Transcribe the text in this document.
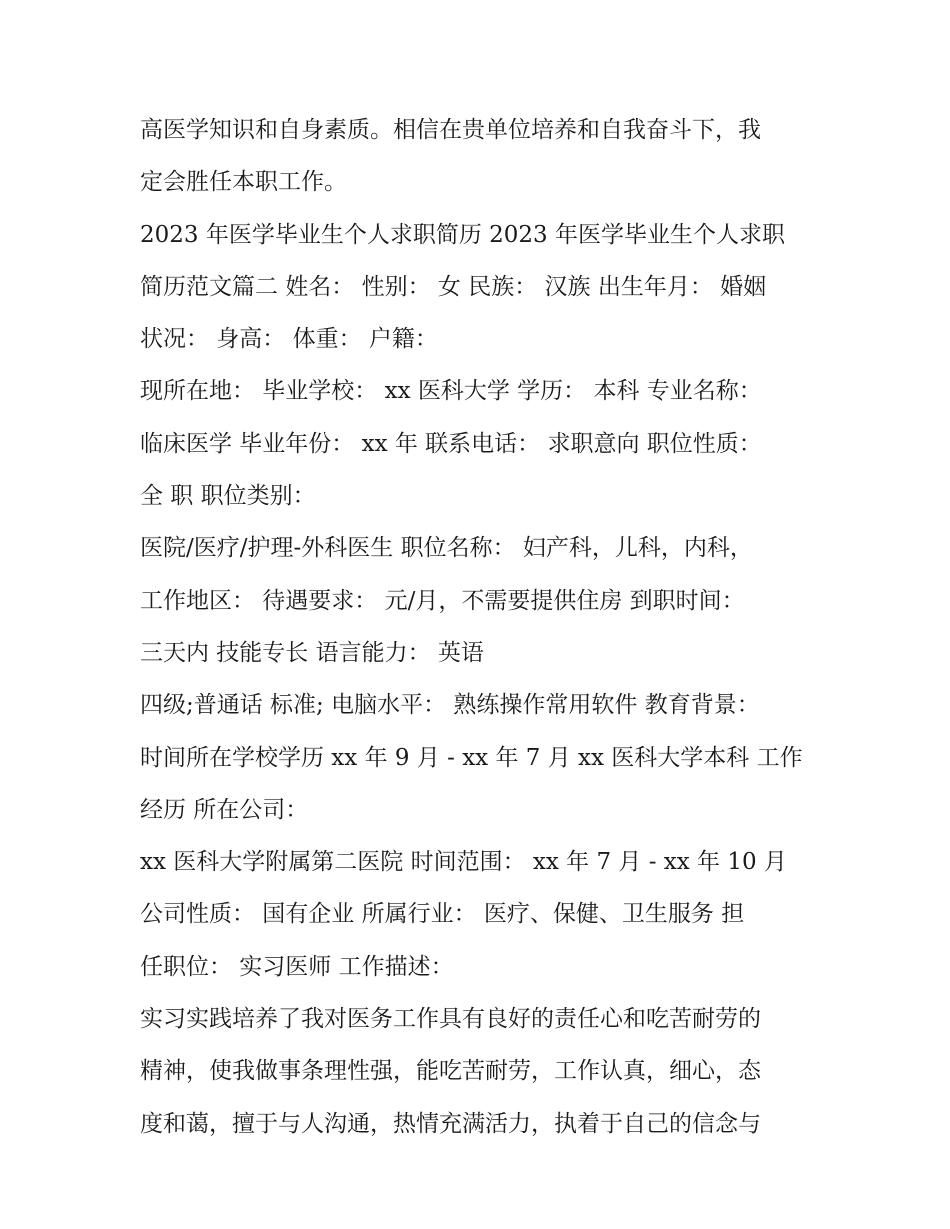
高医学知识和自身素质。相信在贵单位培养和自我奋斗下，我
定会胜任本职工作。
2023 年医学毕业生个人求职简历 2023 年医学毕业生个人求职
简历范文篇二 姓名： 性别： 女 民族： 汉族 出生年月： 婚姻
状况： 身高： 体重： 户籍：
现所在地： 毕业学校： xx 医科大学 学历： 本科 专业名称：
临床医学 毕业年份： xx 年 联系电话： 求职意向 职位性质：
全 职 职位类别：
医院/医疗/护理-外科医生 职位名称： 妇产科，儿科，内科，
工作地区： 待遇要求： 元/月，不需要提供住房 到职时间：
三天内 技能专长 语言能力： 英语
四级;普通话 标准; 电脑水平： 熟练操作常用软件 教育背景：
时间所在学校学历 xx 年 9 月 - xx 年 7 月 xx 医科大学本科 工作
经历 所在公司：
xx 医科大学附属第二医院 时间范围： xx 年 7 月 - xx 年 10 月
公司性质： 国有企业 所属行业： 医疗、保健、卫生服务 担
任职位： 实习医师 工作描述：
实习实践培养了我对医务工作具有良好的责任心和吃苦耐劳的
精神，使我做事条理性强，能吃苦耐劳，工作认真，细心，态
度和蔼，擅于与人沟通，热情充满活力，执着于自己的信念与
